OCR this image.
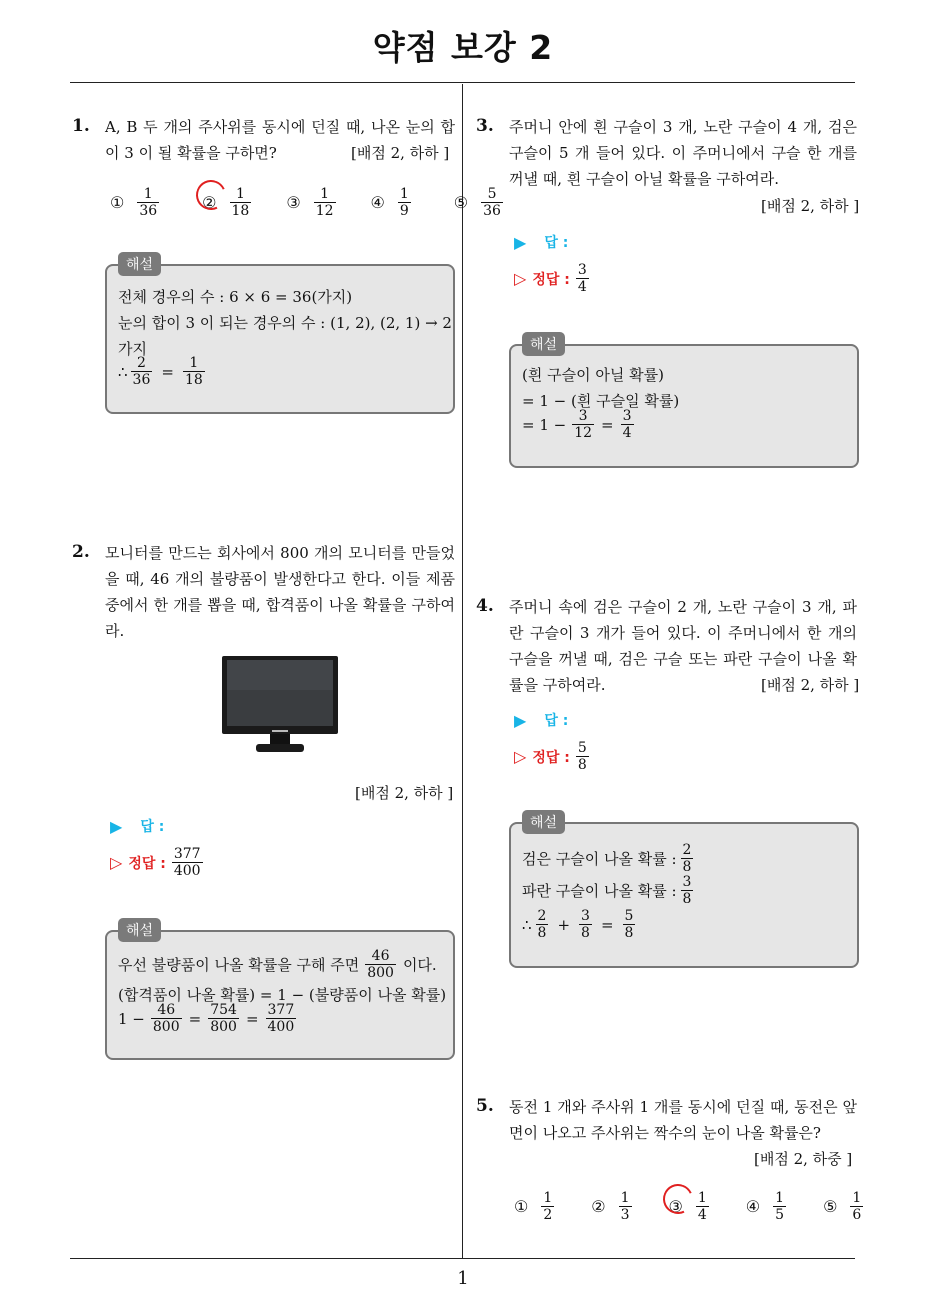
약점 보강 2
1
1. A, B 두 개의 주사위를 동시에 던질 때, 나온 눈의 합이 3 이 될 확률을 구하면?	[배점 2, 하하 ]
① $\frac{1}{36}$	② $\frac{1}{18}$ ③ $\frac{1}{12}$ ④ $\frac{1}{9}$	⑤ $\frac{5}{36}$
해설
전체 경우의 수 : 6 × 6 = 36(가지)
눈의 합이 3 이 되는 경우의 수 : (1, 2), (2, 1) → 2
가지
∴ $\frac{2}{36} = \frac{1}{18}$
2. 모니터를 만드는 회사에서 800 개의 모니터를 만들었을 때, 46 개의 불량품이 발생한다고 한다. 이들 제품 중에서 한 개를 뽑을 때, 합격품이 나올 확률을 구하여라.
[배점 2, 하하 ]
▶ 답 :
▷ 정답 : $\frac{377}{400}$
해설
우선 불량품이 나올 확률을 구해 주면 $\frac{46}{800}$ 이다.
(합격품이 나올 확률) = 1 − (불량품이 나올 확률)
$1 - \frac{46}{800} = \frac{754}{800} = \frac{377}{400}$
3. 주머니 안에 흰 구슬이 3 개, 노란 구슬이 4 개, 검은 구슬이 5 개 들어 있다. 이 주머니에서 구슬 한 개를 꺼낼 때, 흰 구슬이 아닐 확률을 구하여라.
[배점 2, 하하 ]
▶ 답 :
▷ 정답 : $\frac{3}{4}$
해설
(흰 구슬이 아닐 확률)
= 1 − (흰 구슬일 확률)
= $1 - \frac{3}{12} = \frac{3}{4}$
4. 주머니 속에 검은 구슬이 2 개, 노란 구슬이 3 개, 파란 구슬이 3 개가 들어 있다. 이 주머니에서 한 개의 구슬을 꺼낼 때, 검은 구슬 또는 파란 구슬이 나올 확률을 구하여라.	[배점 2, 하하 ]
▶ 답 :
▷ 정답 : $\frac{5}{8}$
해설
검은 구슬이 나올 확률 : $\frac{2}{8}$
파란 구슬이 나올 확률 : $\frac{3}{8}$
∴ $\frac{2}{8} + \frac{3}{8} = \frac{5}{8}$
5. 동전 1 개와 주사위 1 개를 동시에 던질 때, 동전은 앞면이 나오고 주사위는 짝수의 눈이 나올 확률은?
[배점 2, 하중 ]
① $\frac{1}{2}$ ② $\frac{1}{3}$ ③ $\frac{1}{4}$ ④ $\frac{1}{5}$ ⑤ $\frac{1}{6}$
